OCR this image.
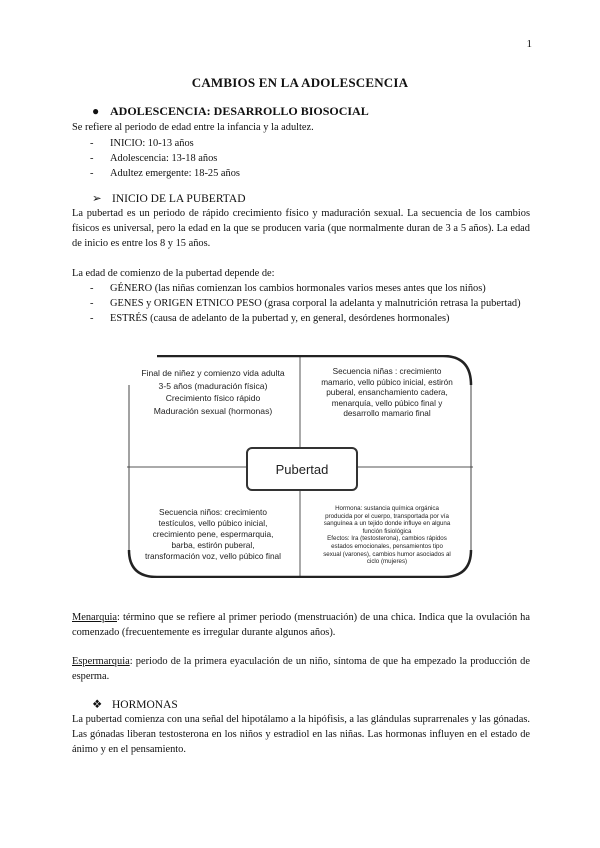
1
CAMBIOS EN LA ADOLESCENCIA
● ADOLESCENCIA: DESARROLLO BIOSOCIAL
Se refiere al periodo de edad entre la infancia y la adultez.
- INICIO: 10-13 años
- Adolescencia: 13-18 años
- Adultez emergente: 18-25 años
➢ INICIO DE LA PUBERTAD
La pubertad es un periodo de rápido crecimiento físico y maduración sexual. La secuencia de los cambios físicos es universal, pero la edad en la que se producen varia (que normalmente duran de 3 a 5 años). La edad de inicio es entre los 8 y 15 años.
La edad de comienzo de la pubertad depende de:
- GÉNERO (las niñas comienzan los cambios hormonales varios meses antes que los niños)
- GENES y ORIGEN ETNICO PESO (grasa corporal la adelanta y malnutrición retrasa la pubertad)
- ESTRÉS (causa de adelanto de la pubertad y, en general, desórdenes hormonales)
Final de niñez y comienzo vida adulta
3-5 años (maduración física)
Crecimiento físico rápido
Maduración sexual (hormonas)
Secuencia niñas : crecimiento
mamario, vello púbico inicial, estirón
puberal, ensanchamiento cadera,
menarquía, vello púbico final y
desarrollo mamario final
Secuencia niños: crecimiento
testículos, vello púbico inicial,
crecimiento pene, espermarquia,
barba, estirón puberal,
transformación voz, vello púbico final
Hormona: sustancia química orgánica
producida por el cuerpo, transportada por vía
sanguínea a un tejido donde influye en alguna
función fisiológica
Efectos: Ira (testosterona), cambios rápidos
estados emocionales, pensamientos tipo
sexual (varones), cambios humor asociados al
ciclo (mujeres)
Pubertad
Menarquia: término que se refiere al primer periodo (menstruación) de una chica. Indica que la ovulación ha comenzado (frecuentemente es irregular durante algunos años).
Espermarquia: periodo de la primera eyaculación de un niño, síntoma de que ha empezado la producción de esperma.
❖ HORMONAS
La pubertad comienza con una señal del hipotálamo a la hipófisis, a las glándulas suprarrenales y las gónadas. Las gónadas liberan testosterona en los niños y estradiol en las niñas. Las hormonas influyen en el estado de ánimo y en el pensamiento.
